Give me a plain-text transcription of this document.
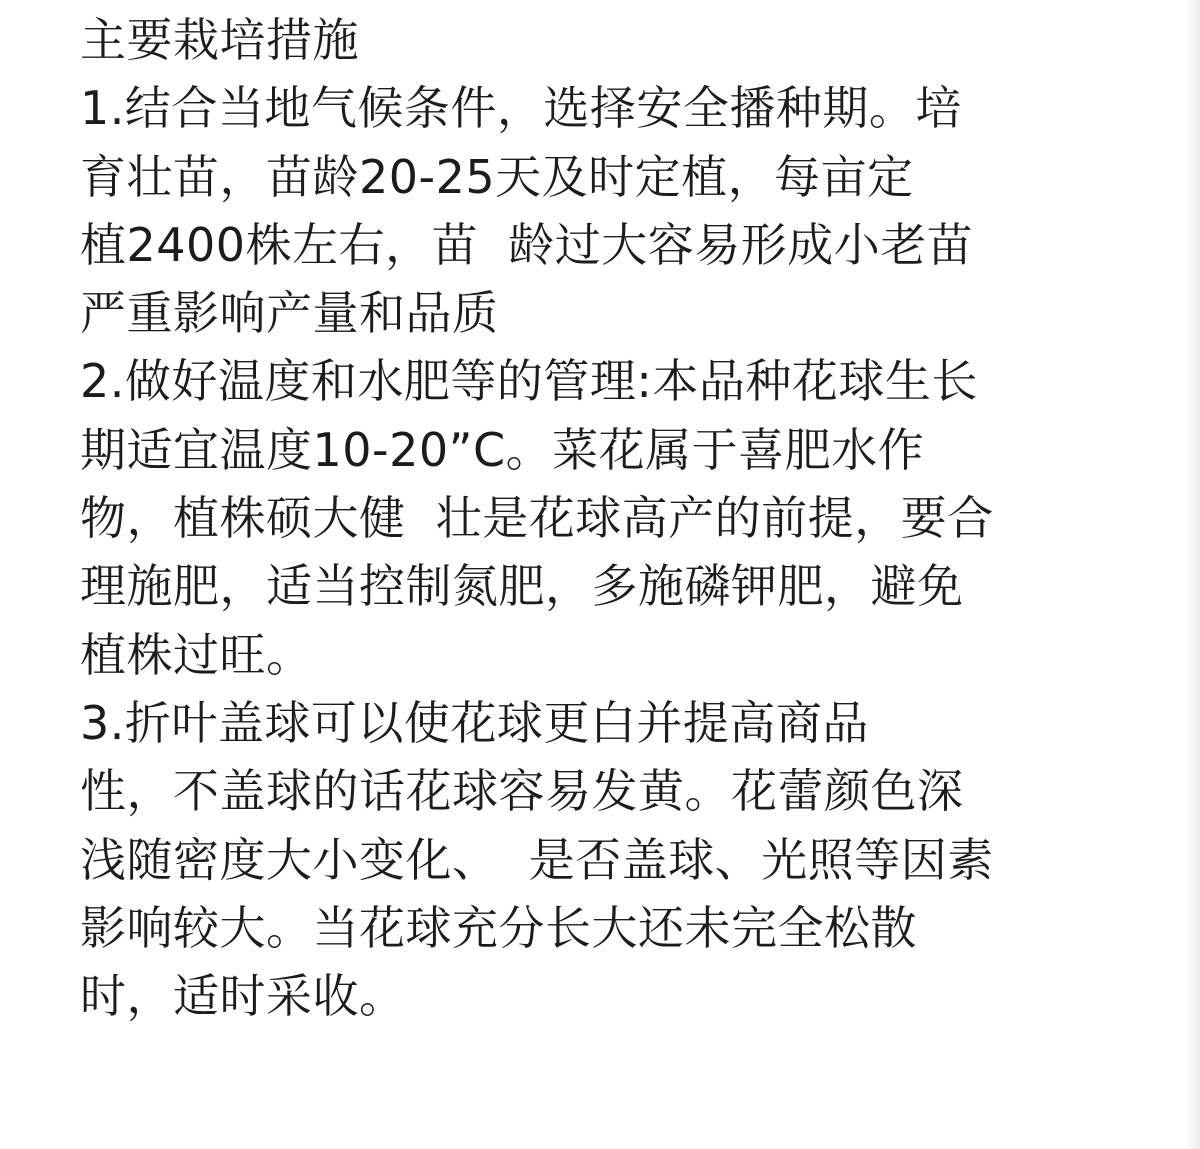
主要栽培措施

1.结合当地气候条件，选择安全播种期。培

育壮苗，苗龄20-25天及时定植，每亩定

植2400株左右，苗  龄过大容易形成小老苗

严重影响产量和品质

2.做好温度和水肥等的管理:本品种花球生长

期适宜温度10-20”C。菜花属于喜肥水作

物，植株硕大健  壮是花球高产的前提，要合

理施肥，适当控制氮肥，多施磷钾肥，避免

植株过旺。

3.折叶盖球可以使花球更白并提高商品

性，不盖球的话花球容易发黄。花蕾颜色深

浅随密度大小变化、  是否盖球、光照等因素

影响较大。当花球充分长大还未完全松散

时，适时采收。
